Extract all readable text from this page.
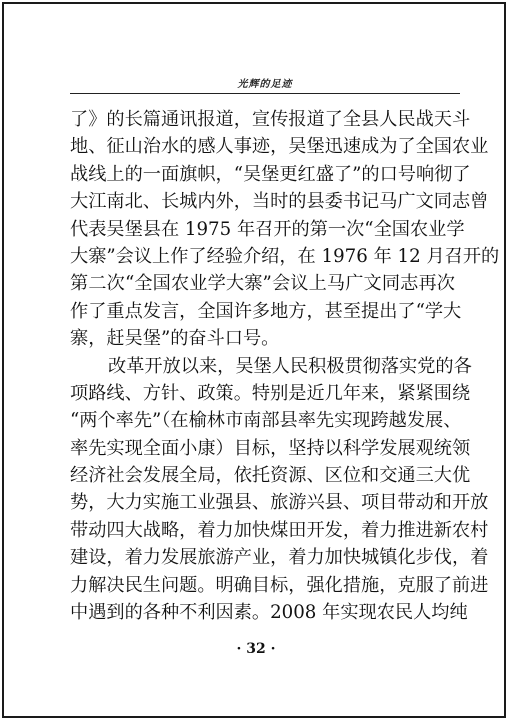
光辉的足迹
了》的长篇通讯报道，宣传报道了全县人民战天斗
地、征山治水的感人事迹，吴堡迅速成为了全国农业
战线上的一面旗帜，“吴堡更红盛了”的口号响彻了
大江南北、长城内外，当时的县委书记马广文同志曾
代表吴堡县在 1975 年召开的第一次“全国农业学
大寨”会议上作了经验介绍，在 1976 年 12 月召开的
第二次“全国农业学大寨”会议上马广文同志再次
作了重点发言，全国许多地方，甚至提出了“学大
寨，赶吴堡”的奋斗口号。
改革开放以来，吴堡人民积极贯彻落实党的各
项路线、方针、政策。特别是近几年来，紧紧围绕
“两个率先”（在榆林市南部县率先实现跨越发展、
率先实现全面小康）目标，坚持以科学发展观统领
经济社会发展全局，依托资源、区位和交通三大优
势，大力实施工业强县、旅游兴县、项目带动和开放
带动四大战略，着力加快煤田开发，着力推进新农村
建设，着力发展旅游产业，着力加快城镇化步伐，着
力解决民生问题。明确目标，强化措施，克服了前进
中遇到的各种不利因素。2008 年实现农民人均纯
· 32 ·
